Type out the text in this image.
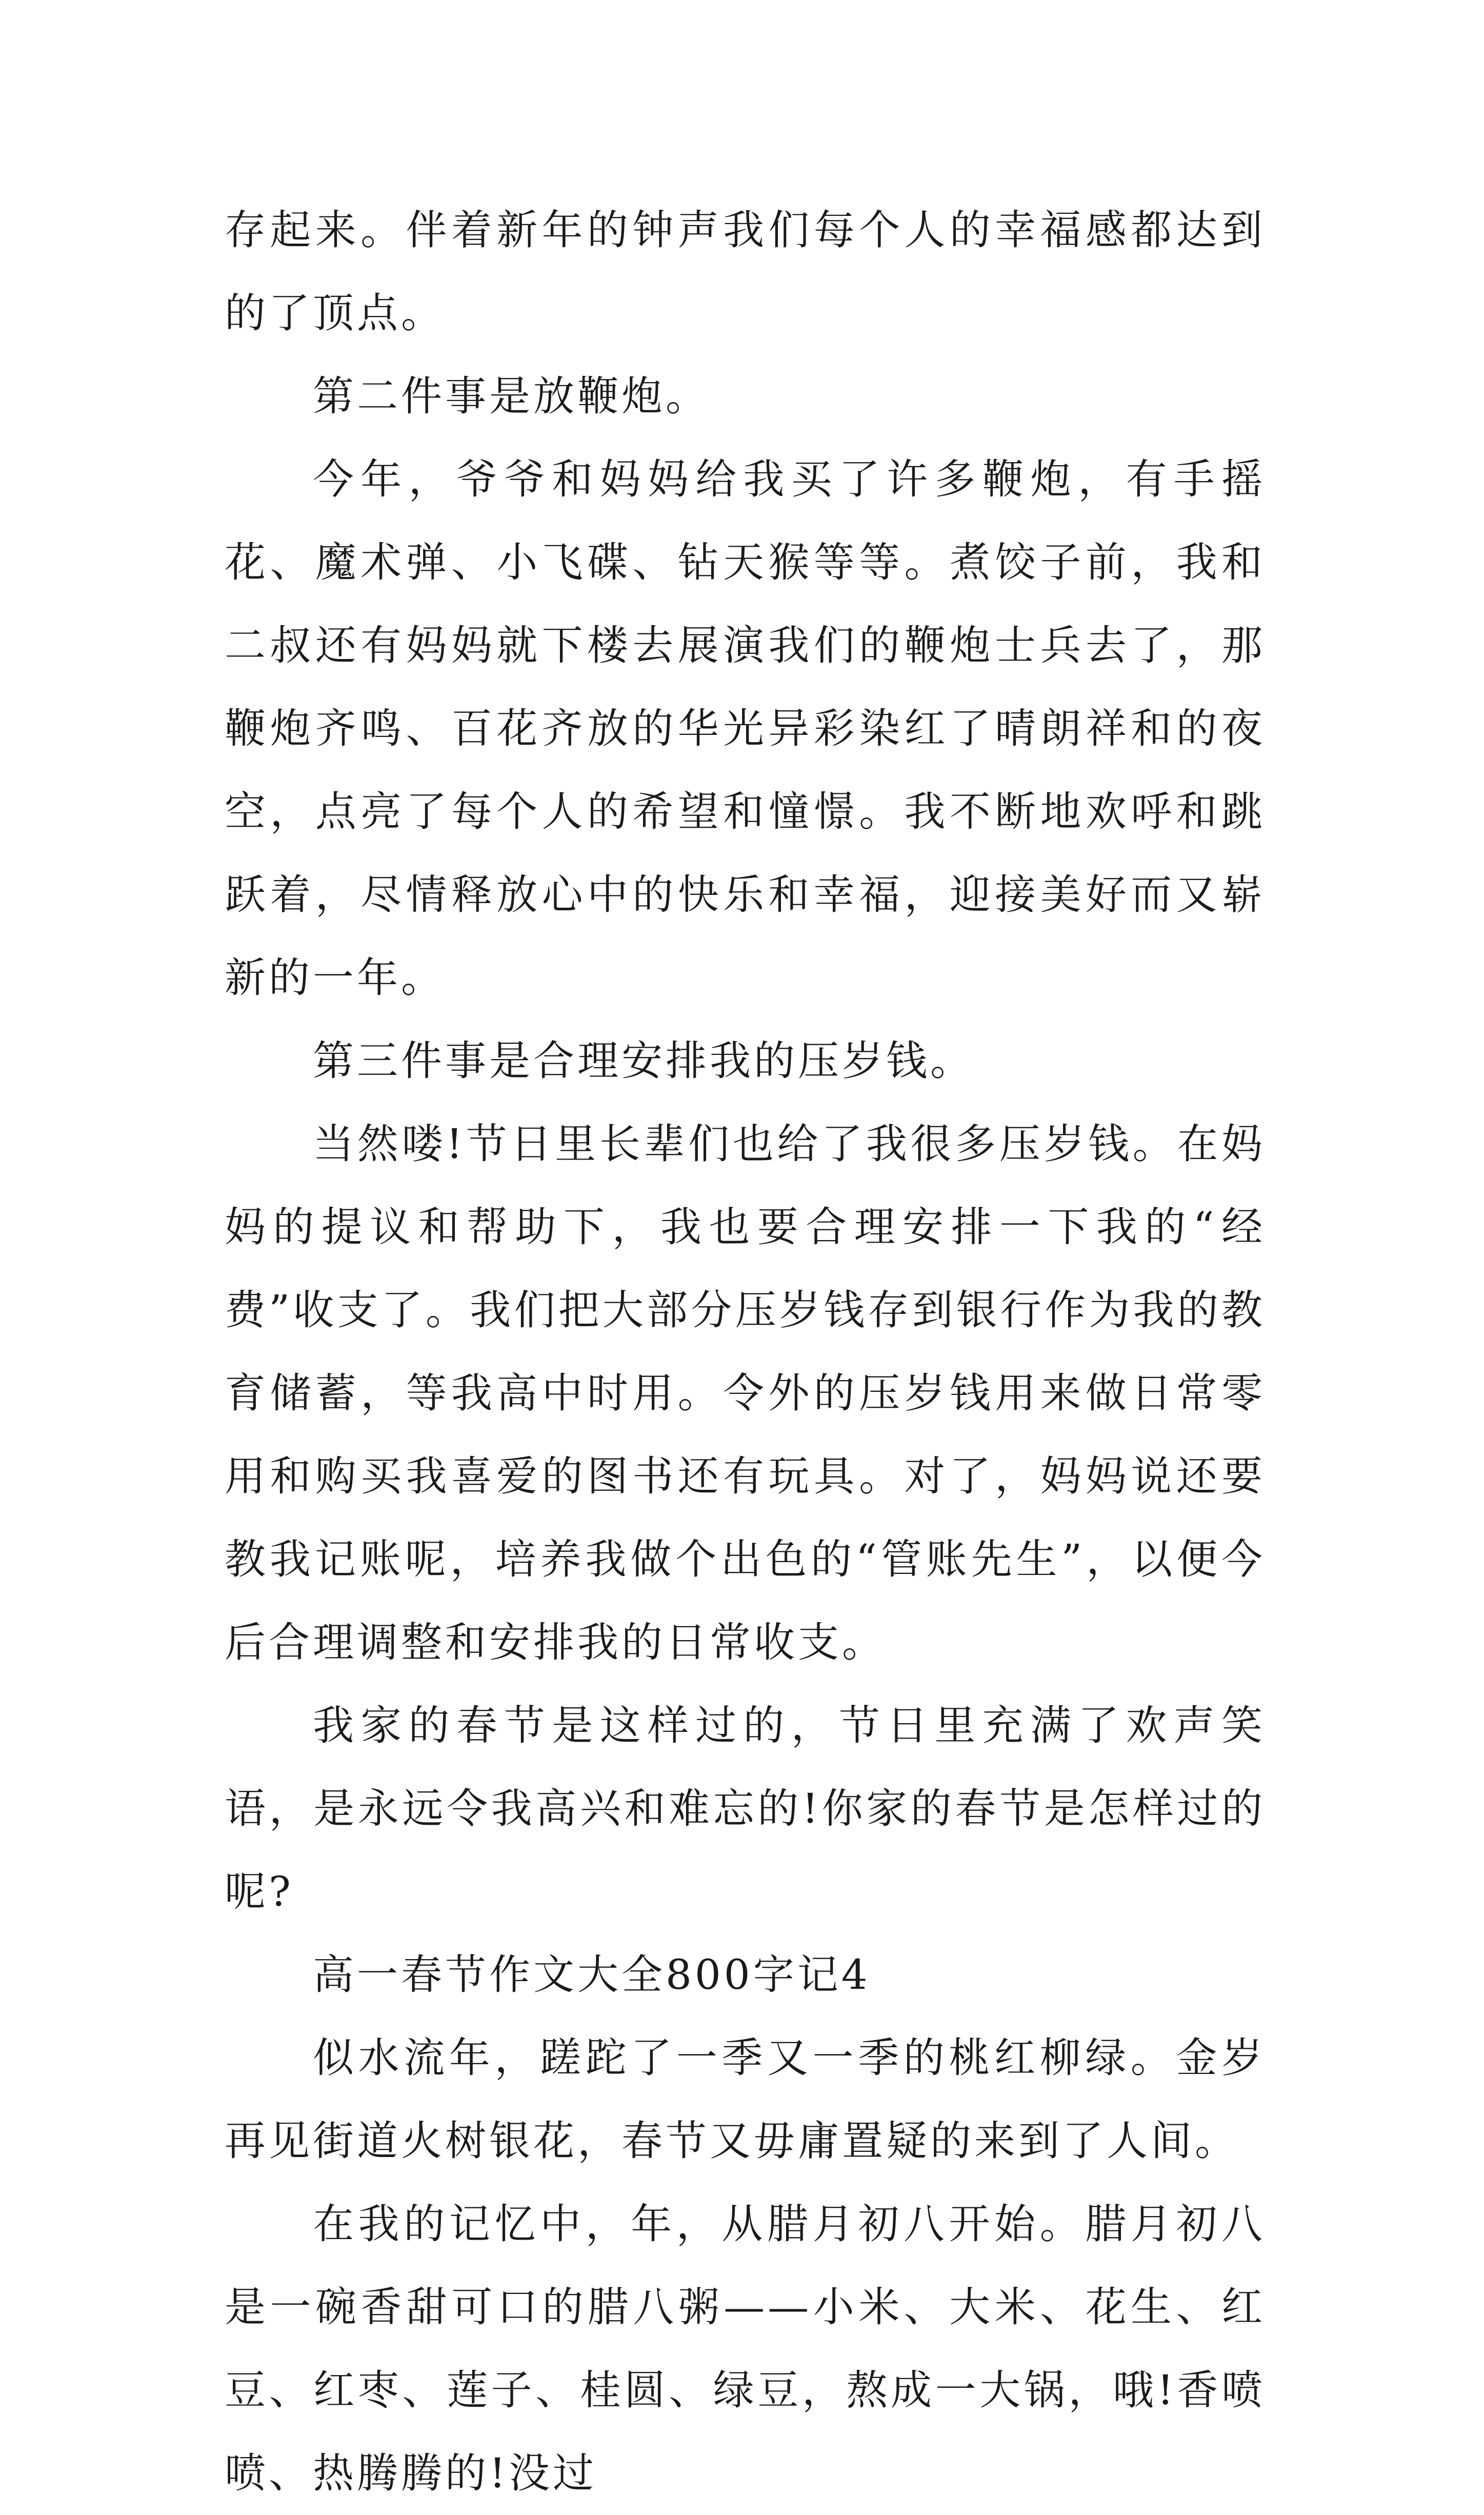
存起来。伴着新年的钟声我们每个人的幸福感都达到的了顶点。

第二件事是放鞭炮。

今年，爷爷和妈妈给我买了许多鞭炮，有手摇花、魔术弹、小飞碟、钻天猴等等。煮饺子前，我和二叔还有妈妈就下楼去展演我们的鞭炮士兵去了，那鞭炮齐鸣、百花齐放的华光异彩染红了晴朗祥和的夜空，点亮了每个人的希望和憧憬。我不断地欢呼和跳跃着，尽情释放心中的快乐和幸福，迎接美好而又崭新的一年。

第三件事是合理安排我的压岁钱。

当然喽!节日里长辈们也给了我很多压岁钱。在妈妈的提议和帮助下，我也要合理安排一下我的“经费”收支了。我们把大部分压岁钱存到银行作为我的教育储蓄，等我高中时用。令外的压岁钱用来做日常零用和购买我喜爱的图书还有玩具。对了，妈妈说还要教我记账呢，培养我做个出色的“管账先生”，以便今后合理调整和安排我的日常收支。

我家的春节是这样过的，节日里充满了欢声笑语，是永远令我高兴和难忘的!你家的春节是怎样过的呢?

高一春节作文大全800字记4

似水流年，蹉跎了一季又一季的桃红柳绿。金岁再见街道火树银花，春节又毋庸置疑的来到了人间。

在我的记忆中，年，从腊月初八开始。腊月初八是一碗香甜可口的腊八粥——小米、大米、花生、红豆、红枣、莲子、桂圆、绿豆，熬成一大锅，哦!香喷喷、热腾腾的!没过
